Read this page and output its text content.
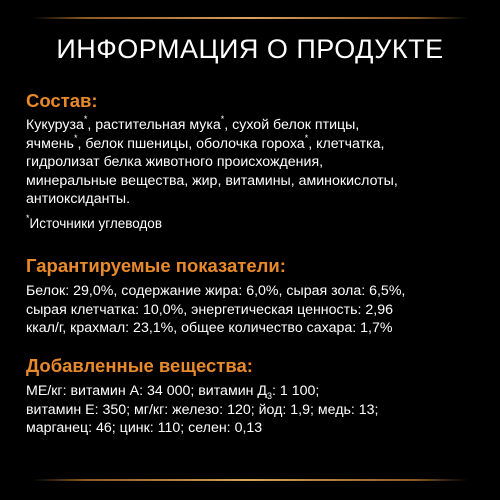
ИНФОРМАЦИЯ О ПРОДУКТЕ
Состав:

Кукуруза*, растительная мука*, сухой белок птицы,
ячмень*, белок пшеницы, оболочка гороха*, клетчатка,
гидролизат белка животного происхождения,
минеральные вещества, жир, витамины, аминокислоты,
антиоксиданты.

*Источники углеводов
Гарантируемые показатели:

Белок: 29,0%, содержание жира: 6,0%, сырая зола: 6,5%,
сырая клетчатка: 10,0%, энергетическая ценность: 2,96
ккал/г, крахмал: 23,1%, общее количество сахара: 1,7%

Добавленные вещества:

МЕ/кг: витамин А: 34 000; витамин $Д_3$: 1 100;
витамин Е: 350; мг/кг: железо: 120; йод: 1,9; медь: 13;
марганец: 46; цинк: 110; селен: 0,13
